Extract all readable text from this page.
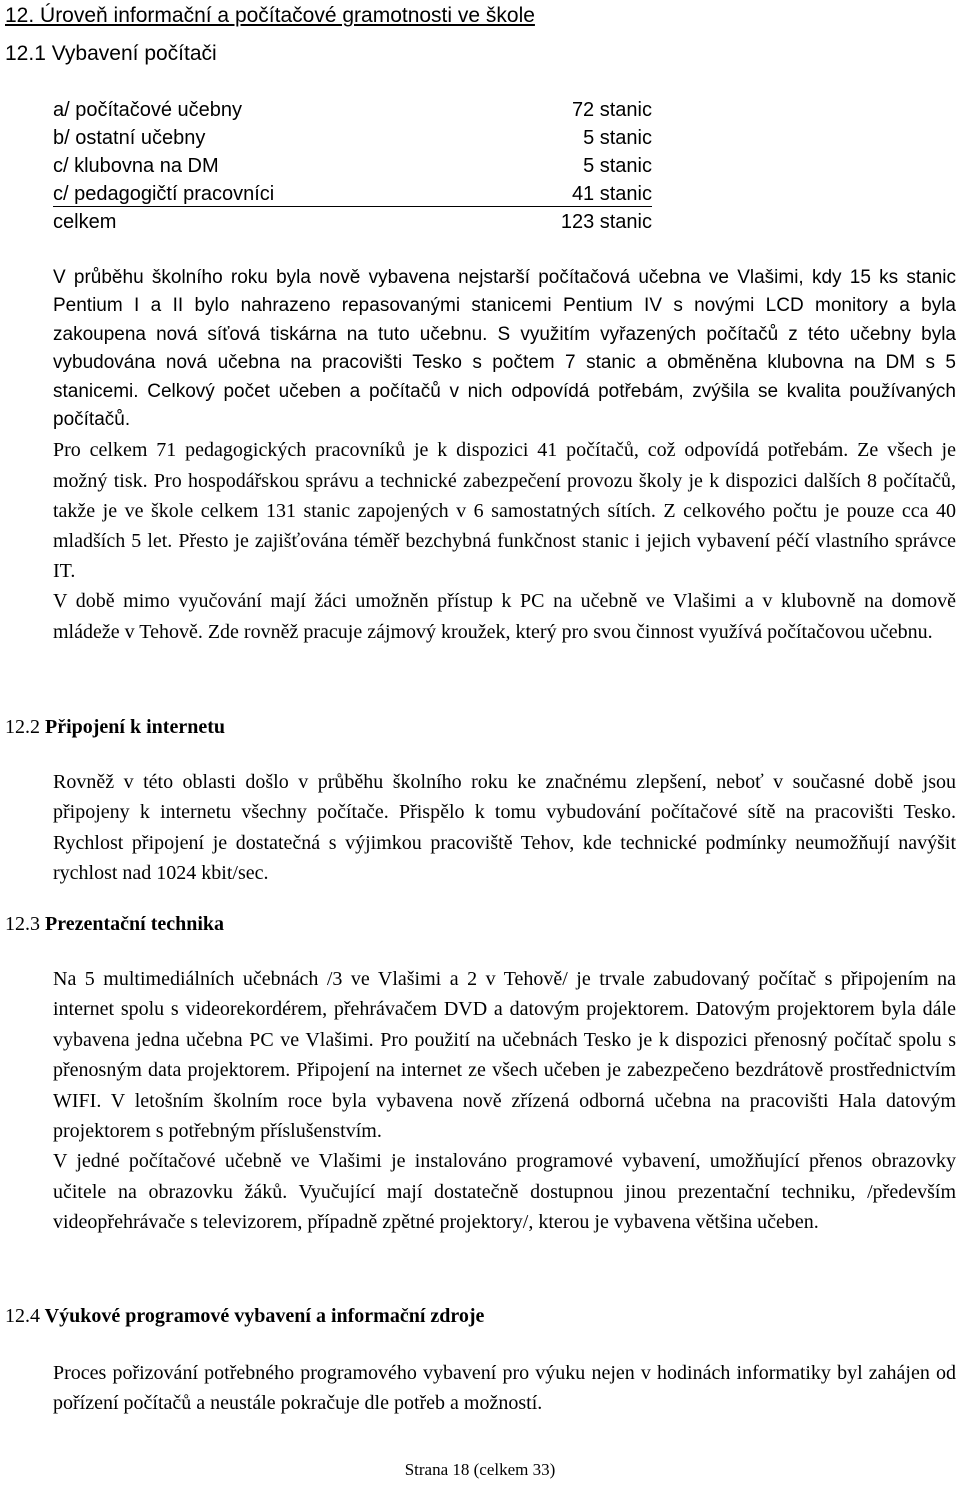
12. Úroveň informační a počítačové gramotnosti ve škole
12.1 Vybavení počítači
a/ počítačové učebny	72 stanic
b/ ostatní učebny	5 stanic
c/ klubovna na DM	5 stanic
c/ pedagogičtí pracovníci	41 stanic
celkem	123 stanic

V průběhu školního roku byla nově vybavena nejstarší počítačová učebna ve Vlašimi, kdy 15 ks stanic Pentium I a II bylo nahrazeno repasovanými stanicemi Pentium IV s novými LCD monitory a byla zakoupena nová síťová tiskárna na tuto učebnu. S využitím vyřazených počítačů z této učebny byla vybudována nová učebna na pracovišti Tesko s počtem 7 stanic a obměněna klubovna na DM s 5 stanicemi. Celkový počet učeben a počítačů v nich odpovídá potřebám, zvýšila se kvalita používaných počítačů.

Pro celkem 71 pedagogických pracovníků je k dispozici 41 počítačů, což odpovídá potřebám. Ze všech je možný tisk. Pro hospodářskou správu a technické zabezpečení provozu školy je k dispozici dalších 8 počítačů, takže je ve škole celkem 131 stanic zapojených v 6 samostatných sítích. Z celkového počtu je pouze cca 40 mladších 5 let. Přesto je zajišťována téměř bezchybná funkčnost stanic i jejich vybavení péčí vlastního správce IT.

V době mimo vyučování mají žáci umožněn přístup k PC na učebně ve Vlašimi a v klubovně na domově mládeže v Tehově. Zde rovněž pracuje zájmový kroužek, který pro svou činnost využívá počítačovou učebnu.

12.2 Připojení k internetu

Rovněž v této oblasti došlo v průběhu školního roku ke značnému zlepšení, neboť v současné době jsou připojeny k internetu všechny počítače. Přispělo k tomu vybudování počítačové sítě na pracovišti Tesko. Rychlost připojení je dostatečná s výjimkou pracoviště Tehov, kde technické podmínky neumožňují navýšit rychlost nad 1024 kbit/sec.

12.3 Prezentační technika

Na 5 multimediálních učebnách /3 ve Vlašimi a 2 v Tehově/ je trvale zabudovaný počítač s připojením na internet spolu s videorekordérem, přehrávačem DVD a datovým projektorem. Datovým projektorem byla dále vybavena jedna učebna PC ve Vlašimi. Pro použití na učebnách Tesko je k dispozici přenosný počítač spolu s přenosným data projektorem. Připojení na internet ze všech učeben je zabezpečeno bezdrátově prostřednictvím WIFI. V letošním školním roce byla vybavena nově zřízená odborná učebna na pracovišti Hala datovým projektorem s potřebným příslušenstvím.

V jedné počítačové učebně ve Vlašimi je instalováno programové vybavení, umožňující přenos obrazovky učitele na obrazovku žáků. Vyučující mají dostatečně dostupnou jinou prezentační techniku, /především videopřehrávače s televizorem, případně zpětné projektory/, kterou je vybavena většina učeben.

12.4 Výukové programové vybavení a informační zdroje

Proces pořizování potřebného programového vybavení pro výuku nejen v hodinách informatiky byl zahájen od pořízení počítačů a neustále pokračuje dle potřeb a možností.

Strana 18 (celkem 33)
